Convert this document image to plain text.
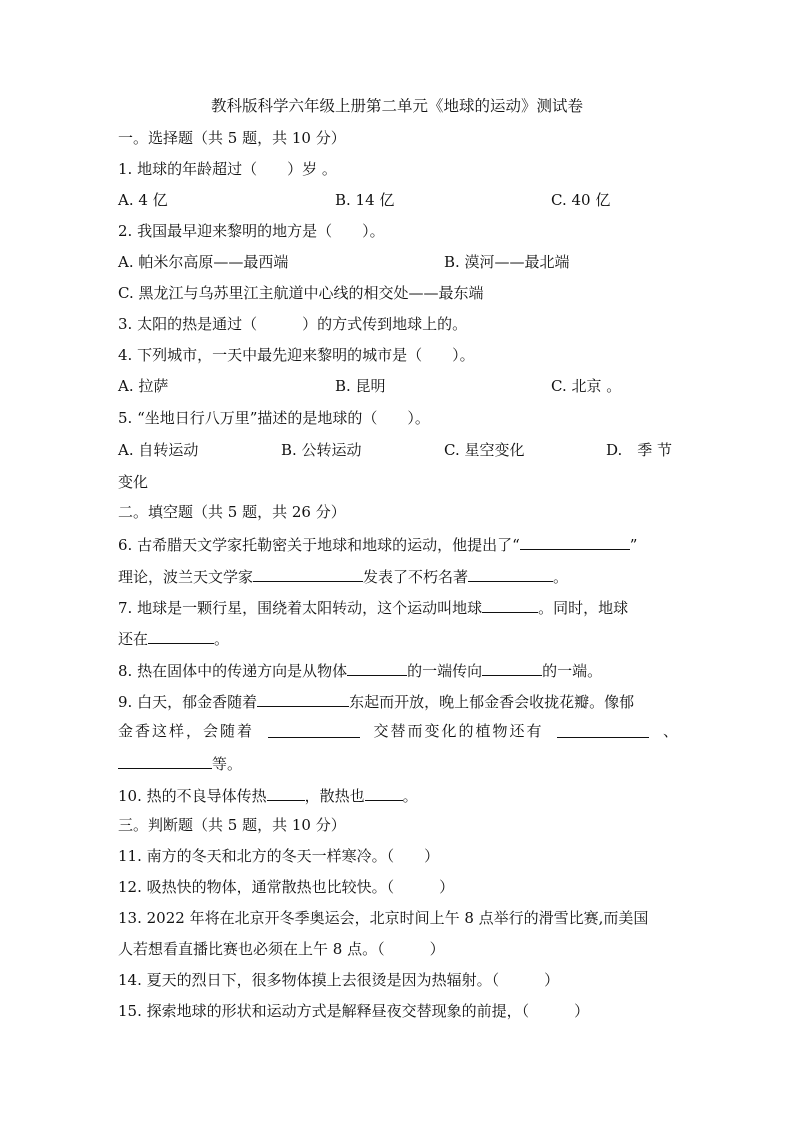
教科版科学六年级上册第二单元《地球的运动》测试卷
一。选择题（共 5 题，共 10 分）
1. 地球的年龄超过（　　）岁 。
A. 4 亿	B. 14 亿	C. 40 亿
2. 我国最早迎来黎明的地方是（　　）。
A. 帕米尔高原——最西端	B. 漠河——最北端
C. 黑龙江与乌苏里江主航道中心线的相交处——最东端
3. 太阳的热是通过（　　　）的方式传到地球上的。
4. 下列城市，一天中最先迎来黎明的城市是（　　）。
A. 拉萨	B. 昆明	C. 北京 。
5. “坐地日行八万里”描述的是地球的（　　）。
A. 自转运动	B. 公转运动	C. 星空变化	D.　季 节
变化
二。填空题（共 5 题，共 26 分）
6. 古希腊天文学家托勒密关于地球和地球的运动，他提出了“	”
理论，波兰天文学家	发表了不朽名著	。
7. 地球是一颗行星，围绕着太阳转动，这个运动叫地球	。同时，地球
还在	。
8. 热在固体中的传递方向是从物体	的一端传向	的一端。
9. 白天，郁金香随着	东起而开放，晚上郁金香会收拢花瓣。像郁
金香这样，会随着	交替而变化的植物还有	、
等。
10. 热的不良导体传热	，散热也	。
三。判断题（共 5 题，共 10 分）
11. 南方的冬天和北方的冬天一样寒冷。（　　）
12. 吸热快的物体，通常散热也比较快。（　　　）
13. 2022 年将在北京开冬季奥运会，北京时间上午 8 点举行的滑雪比赛,而美国
人若想看直播比赛也必须在上午 8 点。（　　　）
14. 夏天的烈日下，很多物体摸上去很烫是因为热辐射。（　　　）
15. 探索地球的形状和运动方式是解释昼夜交替现象的前提，（　　　）
